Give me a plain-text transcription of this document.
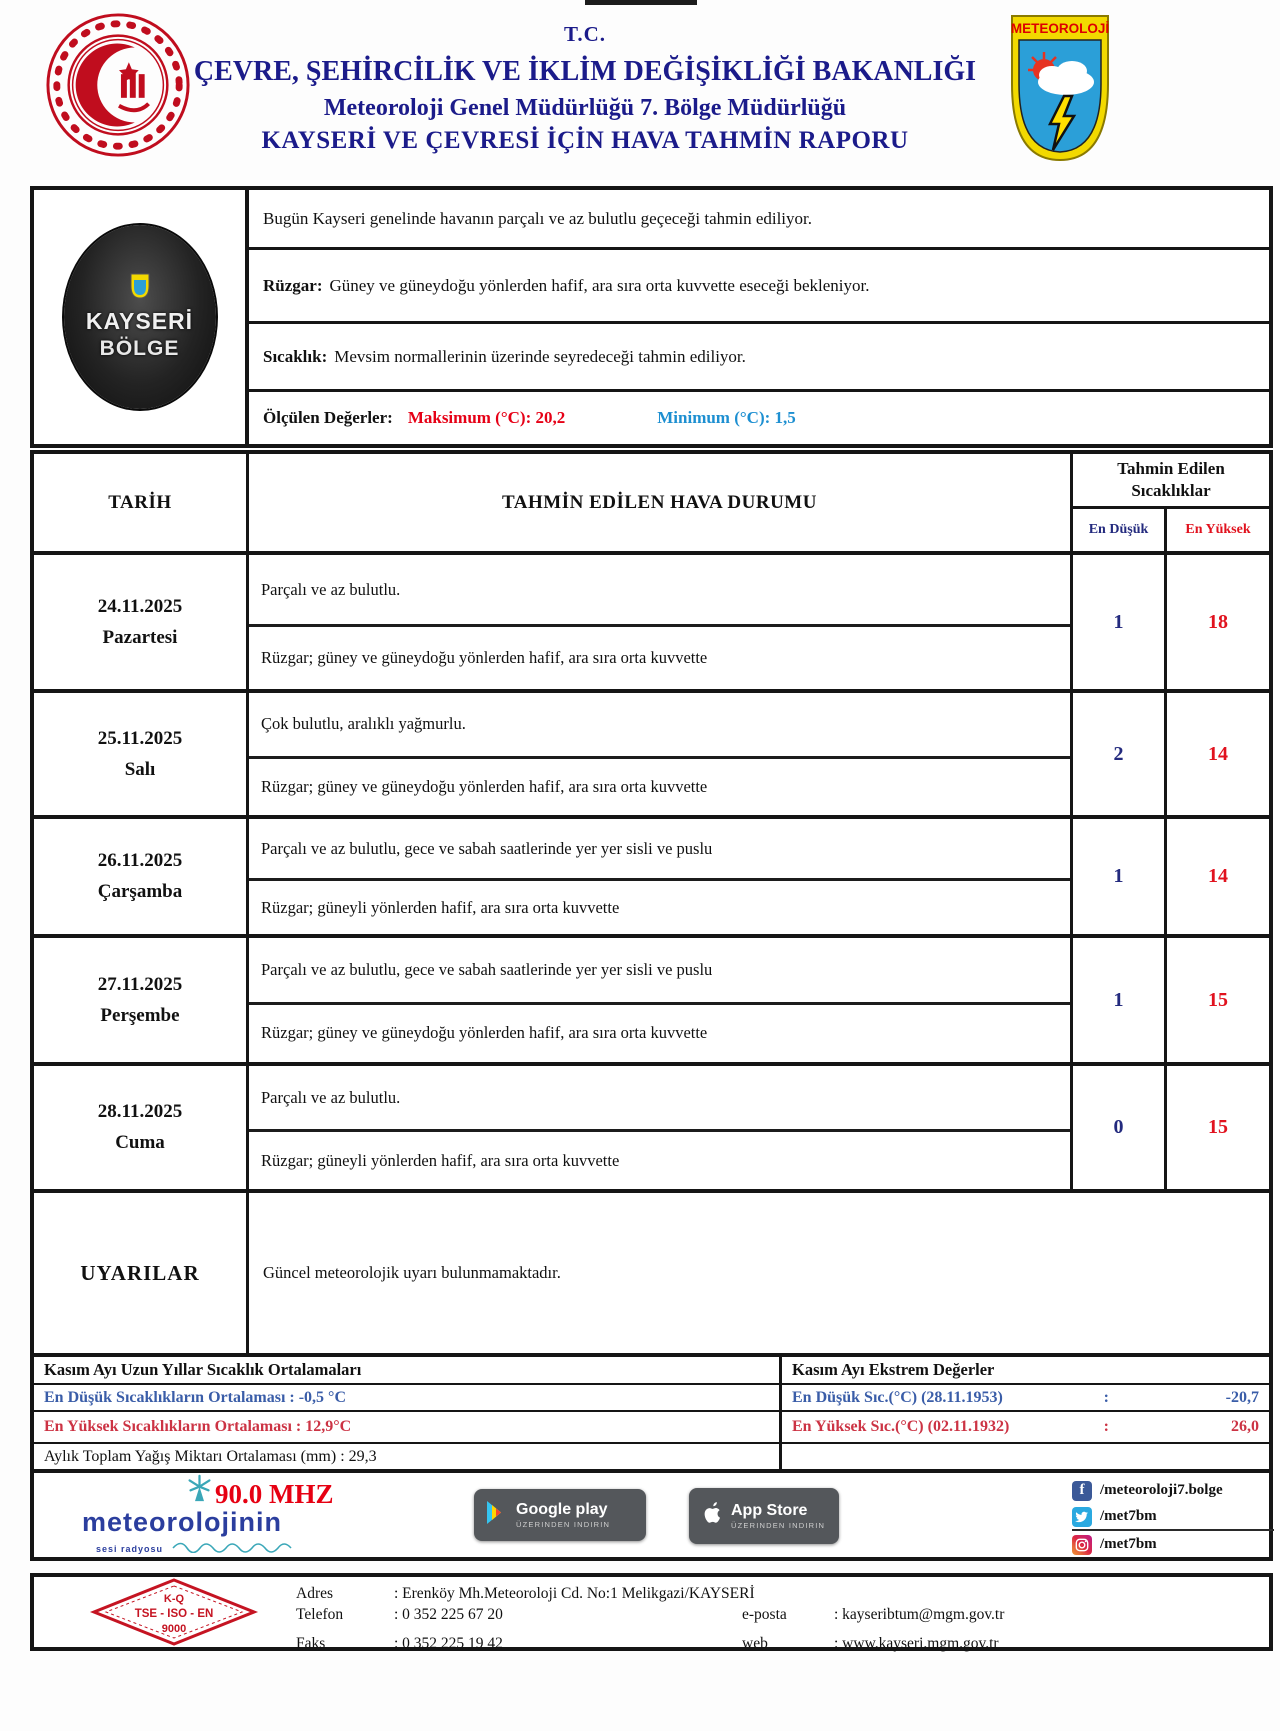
T.C.
ÇEVRE, ŞEHİRCİLİK VE İKLİM DEĞİŞİKLİĞİ BAKANLIĞI
Meteoroloji Genel Müdürlüğü 7. Bölge Müdürlüğü
KAYSERİ VE ÇEVRESİ İÇİN HAVA TAHMİN RAPORU
METEOROLOJİ
KAYSERİ
BÖLGE
Bugün Kayseri genelinde havanın parçalı ve az bulutlu geçeceği tahmin ediliyor.
Rüzgar: Güney ve güneydoğu yönlerden hafif, ara sıra orta kuvvette eseceği bekleniyor.
Sıcaklık: Mevsim normallerinin üzerinde seyredeceği tahmin ediliyor.
Ölçülen Değerler: Maksimum (°C): 20,2	Minimum (°C): 1,5
TARİH	TAHMİN EDİLEN HAVA DURUMU
Tahmin Edilen Sıcaklıklar
En Düşük	En Yüksek
24.11.2025
Pazartesi
Parçalı ve az bulutlu.
Rüzgar; güney ve güneydoğu yönlerden hafif, ara sıra orta kuvvette
1	18
25.11.2025
Salı
Çok bulutlu, aralıklı yağmurlu.
Rüzgar; güney ve güneydoğu yönlerden hafif, ara sıra orta kuvvette
2	14
26.11.2025
Çarşamba
Parçalı ve az bulutlu, gece ve sabah saatlerinde yer yer sisli ve puslu
Rüzgar; güneyli yönlerden hafif, ara sıra orta kuvvette
1	14
27.11.2025
Perşembe
Parçalı ve az bulutlu, gece ve sabah saatlerinde yer yer sisli ve puslu
Rüzgar; güney ve güneydoğu yönlerden hafif, ara sıra orta kuvvette
1	15
28.11.2025
Cuma
Parçalı ve az bulutlu.
Rüzgar; güneyli yönlerden hafif, ara sıra orta kuvvette
0	15
UYARILAR	Güncel meteorolojik uyarı bulunmamaktadır.
Kasım Ayı Uzun Yıllar Sıcaklık Ortalamaları
En Düşük Sıcaklıkların Ortalaması : -0,5 °C
En Yüksek Sıcaklıkların Ortalaması : 12,9°C
Aylık Toplam Yağış Miktarı Ortalaması (mm) : 29,3
Kasım Ayı Ekstrem Değerler
En Düşük Sıc.(°C) (28.11.1953)	:	-20,7
En Yüksek Sıc.(°C) (02.11.1932)	:	26,0
90.0 MHZ
meteorolojinin
sesi radyosu
Google play
ÜZERINDEN INDIRIN
App Store
ÜZERINDEN INDIRIN
f	/meteoroloji7.bolge
/met7bm
/met7bm
K-Q
TSE - ISO - EN
9000
Adres	: Erenköy Mh.Meteoroloji Cd. No:1 Melikgazi/KAYSERİ
Telefon	: 0 352 225 67 20	e-posta	: kayseribtum@mgm.gov.tr
Faks	: 0 352 225 19 42	web	: www.kayseri.mgm.gov.tr
